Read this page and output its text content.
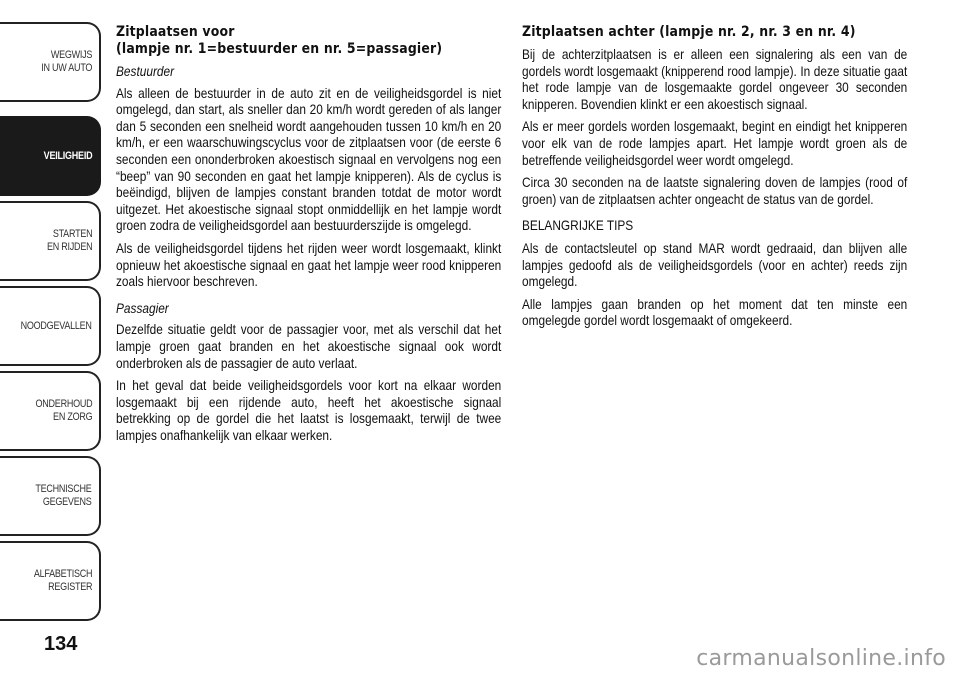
WEGWIJS
IN UW AUTO
VEILIGHEID
STARTEN
EN RIJDEN
NOODGEVALLEN
ONDERHOUD
EN ZORG
TECHNISCHE
GEGEVENS
ALFABETISCH
REGISTER
134
Zitplaatsen voor
(lampje nr. 1=bestuurder en nr. 5=passagier)

Bestuurder

Als alleen de bestuurder in de auto zit en de veiligheidsgordel is niet omgelegd, dan start, als sneller dan 20 km/h wordt gereden of als langer dan 5 seconden een snelheid wordt aangehouden tussen 10 km/h en 20 km/h, er een waarschuwingscyclus voor de zitplaatsen voor (de eerste 6 seconden een ononderbroken akoestisch signaal en vervolgens nog een “beep” van 90 seconden en gaat het lampje knipperen). Als de cyclus is beëindigd, blijven de lampjes constant branden totdat de motor wordt uitgezet. Het akoestische signaal stopt onmiddellijk en het lampje wordt groen zodra de veiligheidsgordel aan bestuurderszijde is omgelegd.

Als de veiligheidsgordel tijdens het rijden weer wordt losgemaakt, klinkt opnieuw het akoestische signaal en gaat het lampje weer rood knipperen zoals hiervoor beschreven.

Passagier

Dezelfde situatie geldt voor de passagier voor, met als verschil dat het lampje groen gaat branden en het akoestische signaal ook wordt onderbroken als de passagier de auto verlaat.

In het geval dat beide veiligheidsgordels voor kort na elkaar worden losgemaakt bij een rijdende auto, heeft het akoestische signaal betrekking op de gordel die het laatst is losgemaakt, terwijl de twee lampjes onafhankelijk van elkaar werken.

Zitplaatsen achter (lampje nr. 2, nr. 3 en nr. 4)

Bij de achterzitplaatsen is er alleen een signalering als een van de gordels wordt losgemaakt (knipperend rood lampje). In deze situatie gaat het rode lampje van de losgemaakte gordel ongeveer 30 seconden knipperen. Bovendien klinkt er een akoestisch signaal.

Als er meer gordels worden losgemaakt, begint en eindigt het knipperen voor elk van de rode lampjes apart. Het lampje wordt groen als de betreffende veiligheidsgordel weer wordt omgelegd.

Circa 30 seconden na de laatste signalering doven de lampjes (rood of groen) van de zitplaatsen achter ongeacht de status van de gordel.

BELANGRIJKE TIPS

Als de contactsleutel op stand MAR wordt gedraaid, dan blijven alle lampjes gedoofd als de veiligheidsgordels (voor en achter) reeds zijn omgelegd.

Alle lampjes gaan branden op het moment dat ten minste een omgelegde gordel wordt losgemaakt of omgekeerd.

carmanualsonline.info
